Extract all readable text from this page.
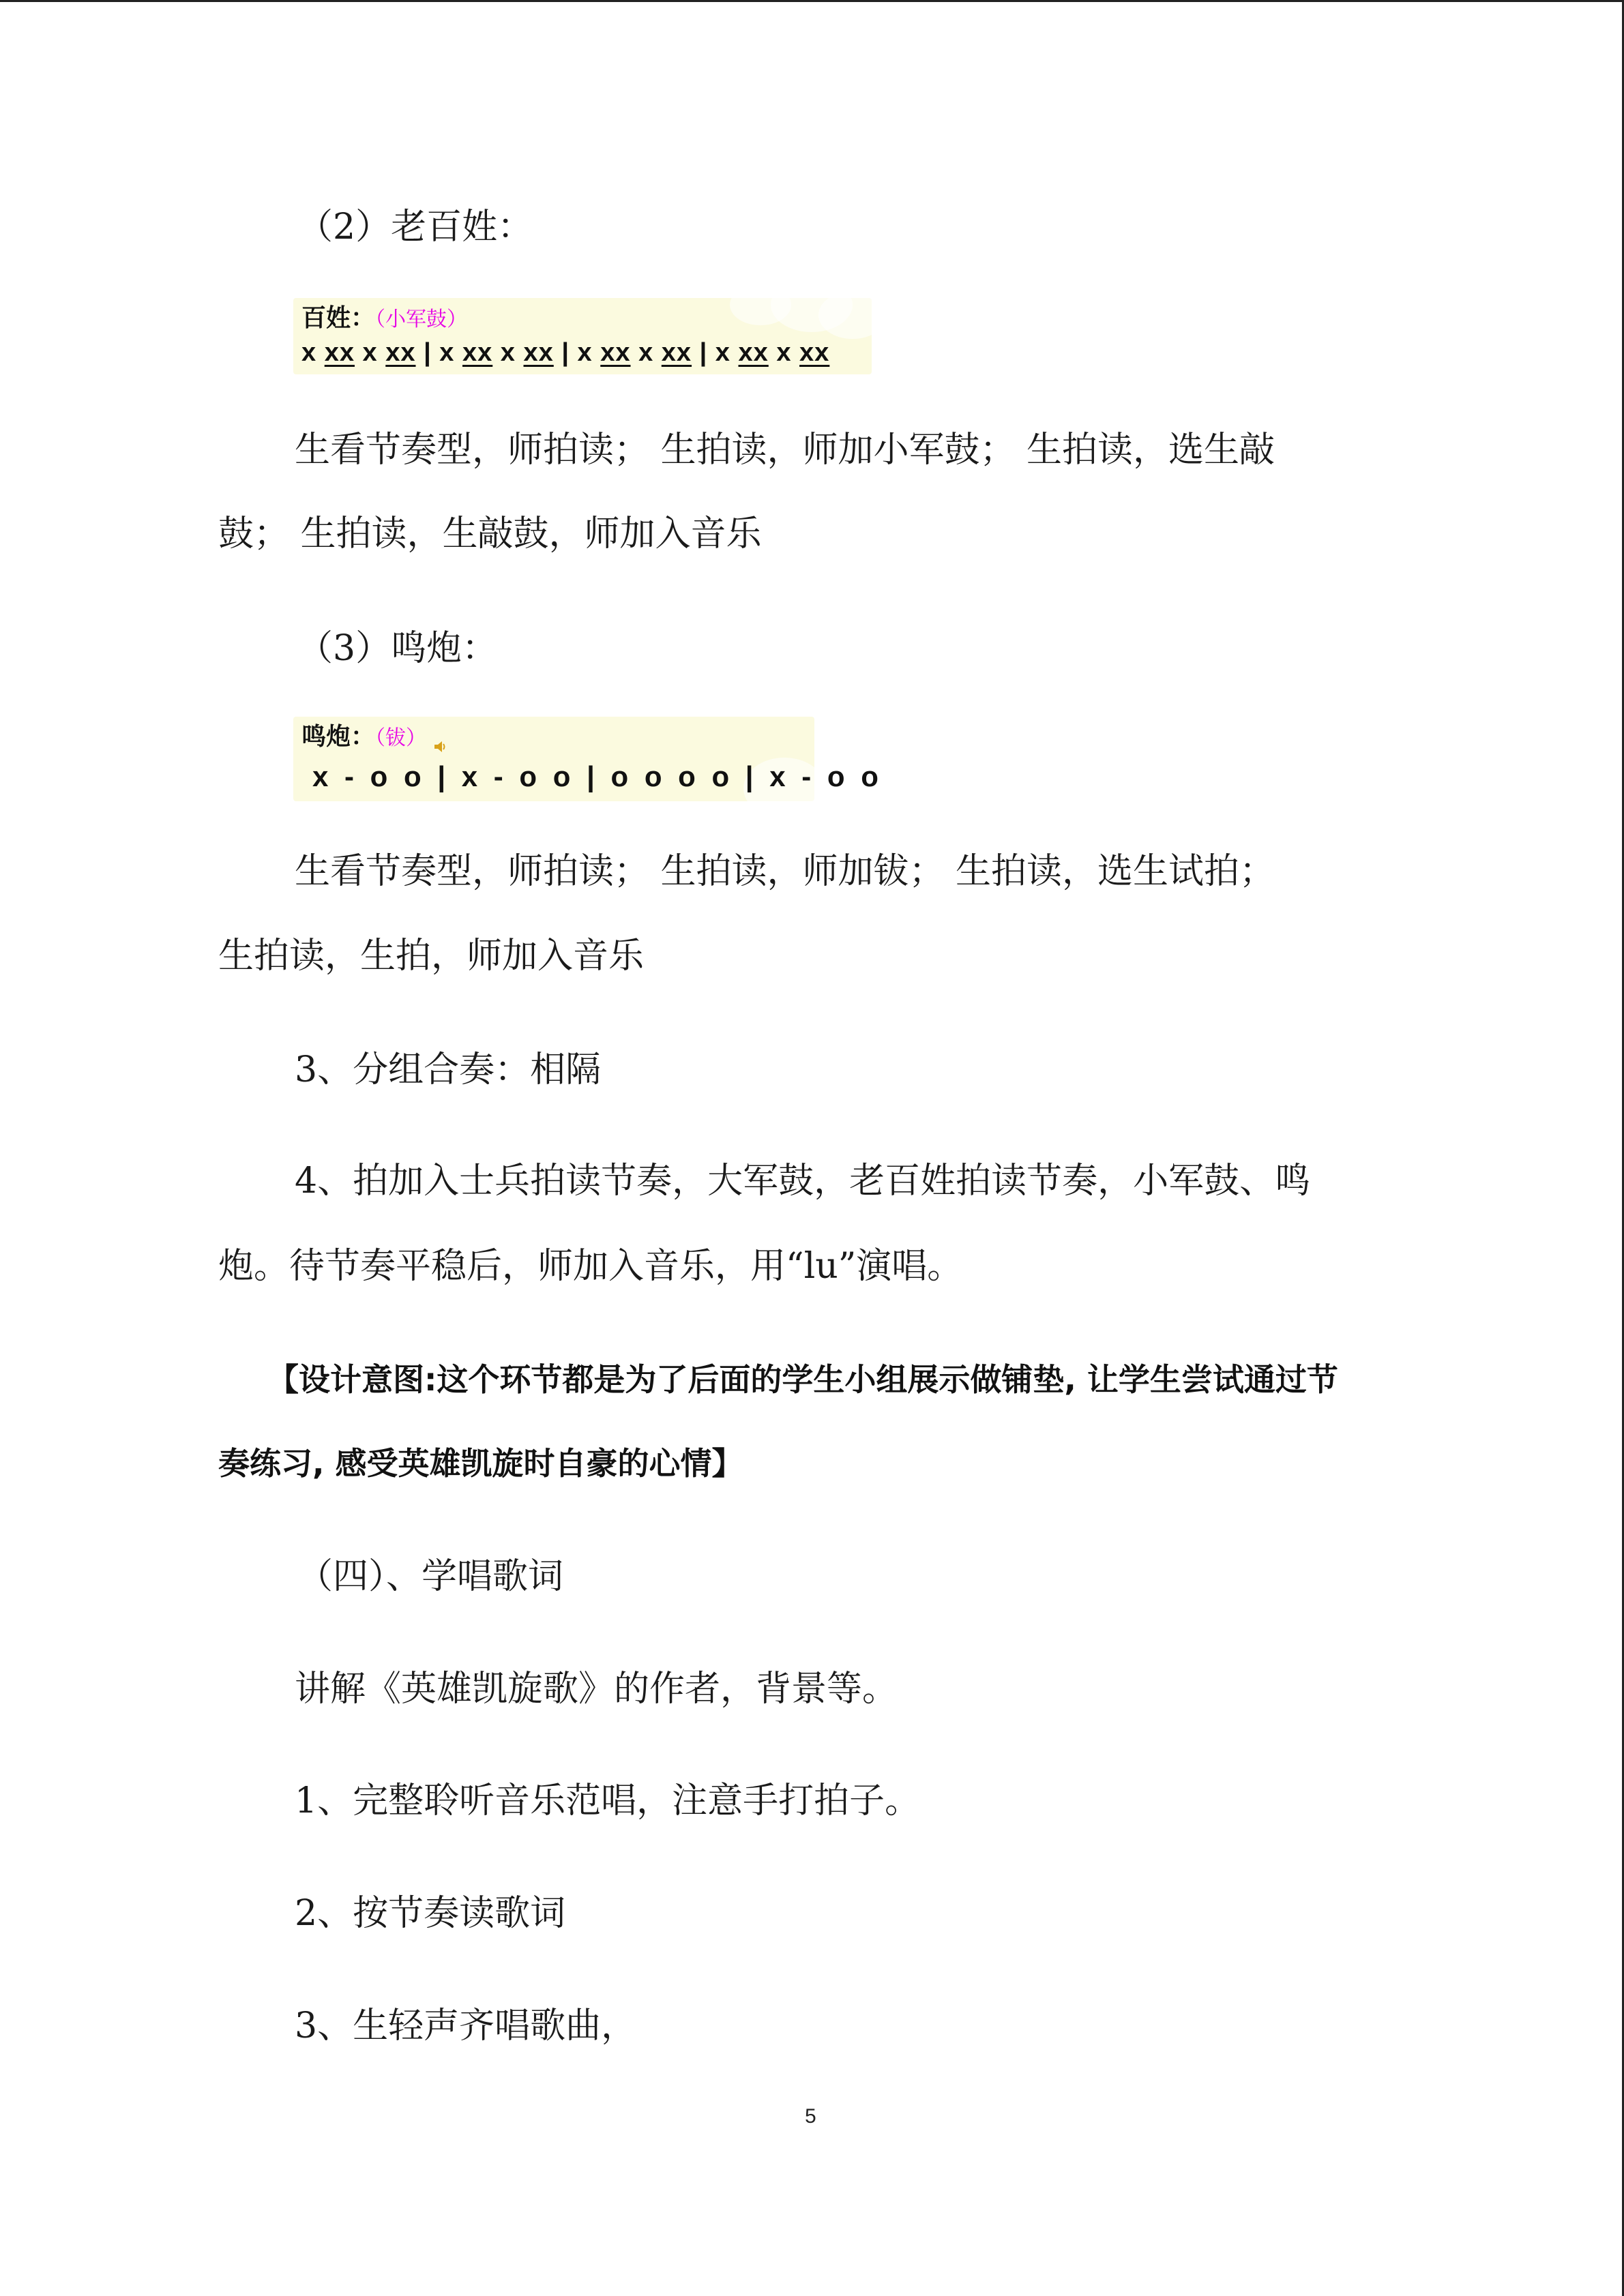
（2）老百姓：
百姓：（小军鼓）
x xx x xx | x xx x xx | x xx x xx | x xx x xx
生看节奏型，师拍读； 生拍读，师加小军鼓； 生拍读，选生敲
鼓； 生拍读，生敲鼓，师加入音乐
（3）鸣炮：
鸣炮：（钹）
x - o o | x - o o | o o o o | x - o o
生看节奏型，师拍读； 生拍读，师加钹； 生拍读，选生试拍；
生拍读，生拍，师加入音乐
3、分组合奏：相隔
4、拍加入士兵拍读节奏，大军鼓，老百姓拍读节奏，小军鼓、鸣
炮。待节奏平稳后，师加入音乐，用“lu”演唱。
【设计意图:这个环节都是为了后面的学生小组展示做铺垫, 让学生尝试通过节
奏练习, 感受英雄凯旋时自豪的心情】
（四）、学唱歌词
讲解《英雄凯旋歌》的作者，背景等。
1、完整聆听音乐范唱，注意手打拍子。
2、按节奏读歌词
3、生轻声齐唱歌曲，
5
